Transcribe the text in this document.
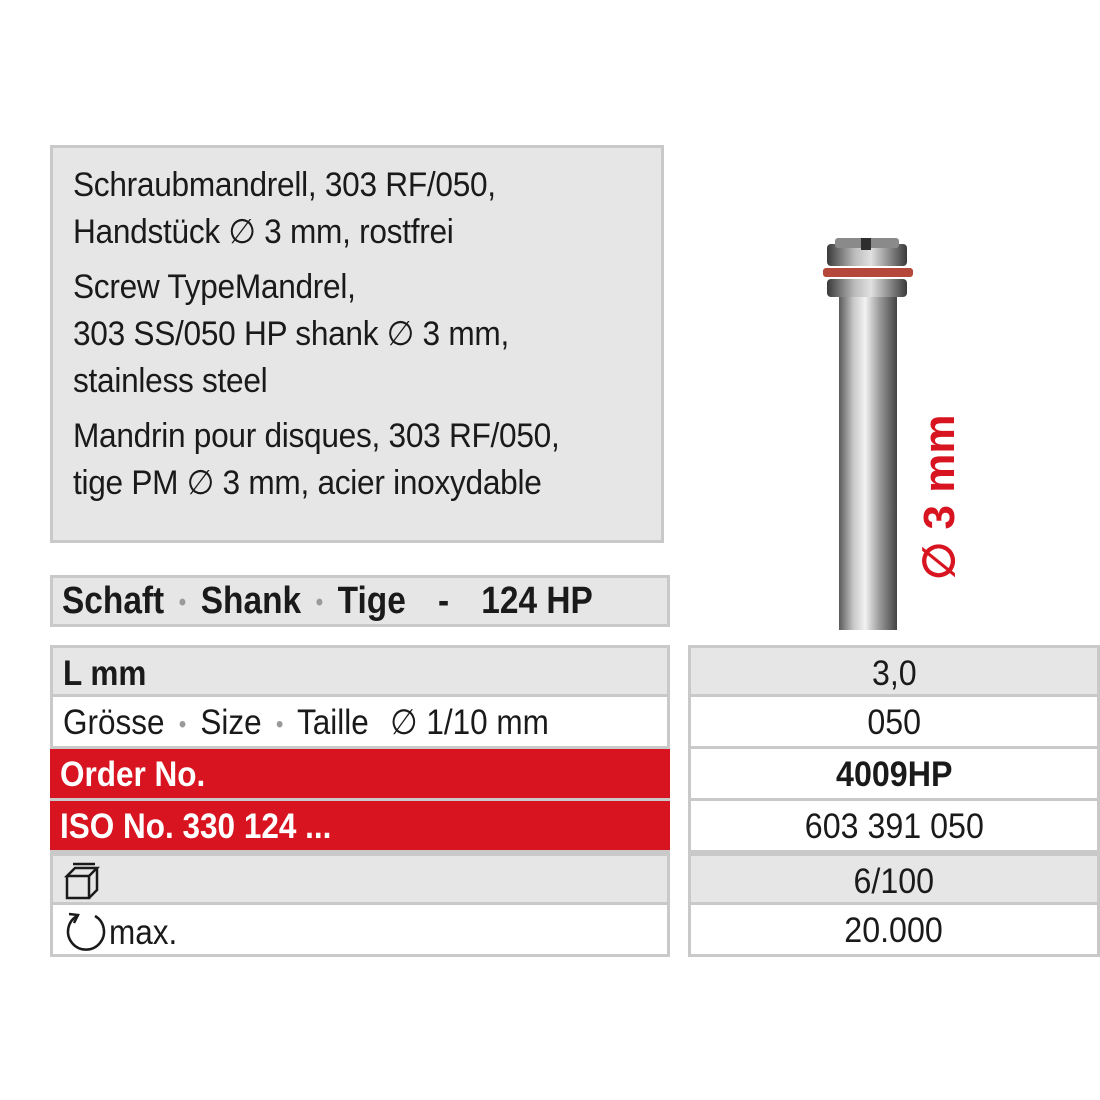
Schraubmandrell, 303 RF/050,
Handstück ∅ 3 mm, rostfrei
Screw TypeMandrel,
303 SS/050 HP shank ∅ 3 mm,
stainless steel
Mandrin pour disques, 303 RF/050,
tige PM ∅ 3 mm, acier inoxydable
Schaft • Shank • Tige - 124 HP
∅ 3 mm
L mm	3,0
Grösse • Size • Taille ∅ 1/10 mm	050
Order No.	4009HP
ISO No. 330 124 ...	603 391 050
6/100
max.	20.000
